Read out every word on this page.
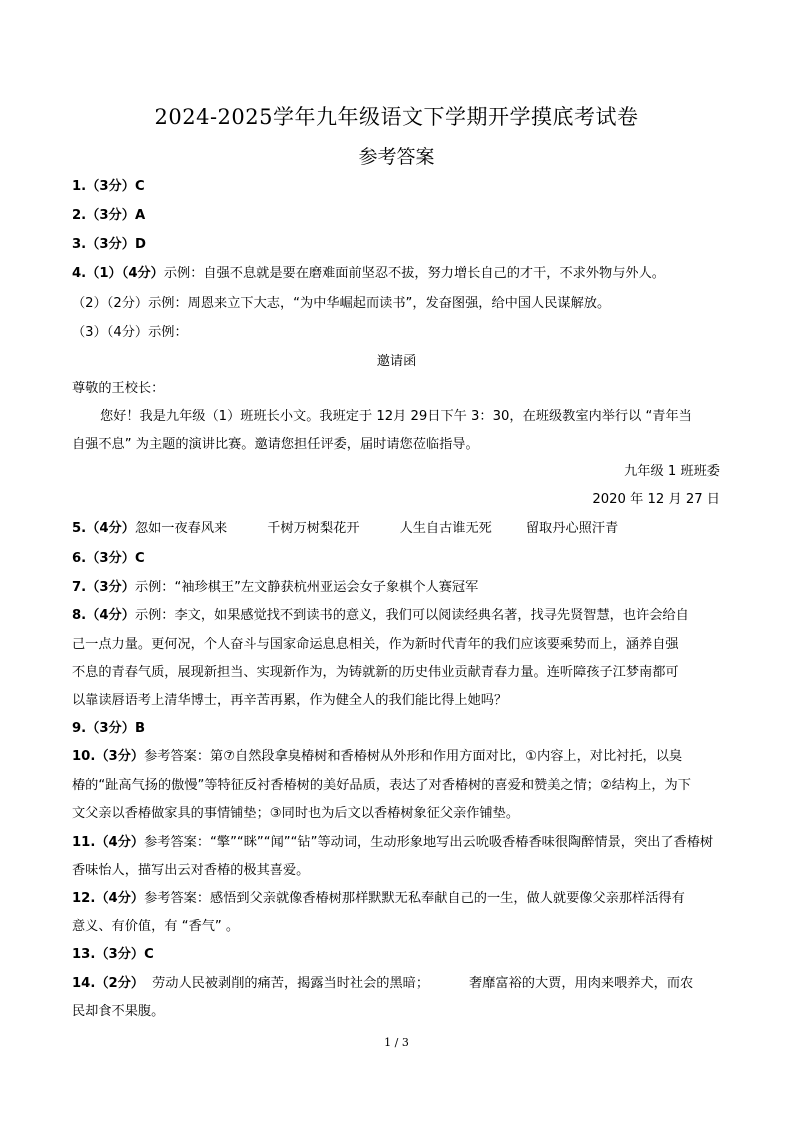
2024-2025学年九年级语文下学期开学摸底考试卷
参考答案
1.（3分）C
2.（3分）A
3.（3分）D
4.（1）（4分）示例：自强不息就是要在磨难面前坚忍不拔，努力增长自己的才干，不求外物与外人。
（2）（2分）示例：周恩来立下大志，“为中华崛起而读书”，发奋图强，给中国人民谋解放。
（3）（4分）示例：
邀请函
尊敬的王校长：
您好！我是九年级（1）班班长小文。我班定于 12月 29日下午 3：30，在班级教室内举行以 “青年当
自强不息” 为主题的演讲比赛。邀请您担任评委，届时请您莅临指导。
九年级 1 班班委
2020 年 12 月 27 日
5.（4分）忽如一夜春风来	千树万树梨花开	人生自古谁无死	留取丹心照汗青
6.（3分）C
7.（3分）示例：“袖珍棋王”左文静获杭州亚运会女子象棋个人赛冠军
8.（4分）示例：李文，如果感觉找不到读书的意义，我们可以阅读经典名著，找寻先贤智慧，也许会给自
己一点力量。更何况，个人奋斗与国家命运息息相关，作为新时代青年的我们应该要乘势而上，涵养自强
不息的青春气质，展现新担当、实现新作为，为铸就新的历史伟业贡献青春力量。连听障孩子江梦南都可
以靠读唇语考上清华博士，再辛苦再累，作为健全人的我们能比得上她吗？
9.（3分）B
10.（3分）参考答案：第⑦自然段拿臭椿树和香椿树从外形和作用方面对比，①内容上，对比衬托，以臭
椿的“趾高气扬的傲慢”等特征反衬香椿树的美好品质，表达了对香椿树的喜爱和赞美之情；②结构上，为下
文父亲以香椿做家具的事情铺垫；③同时也为后文以香椿树象征父亲作铺垫。
11.（4分）参考答案：“擎”“眯”“闻”“钻”等动词，生动形象地写出云吮吸香椿香味很陶醉情景，突出了香椿树
香味怡人，描写出云对香椿的极其喜爱。
12.（4分）参考答案：感悟到父亲就像香椿树那样默默无私奉献自己的一生，做人就要像父亲那样活得有
意义、有价值，有 “香气” 。
13.（3分）C
14.（2分） 劳动人民被剥削的痛苦，揭露当时社会的黑暗；	奢靡富裕的大贾，用肉来喂养犬，而农
民却食不果腹。
1 / 3
